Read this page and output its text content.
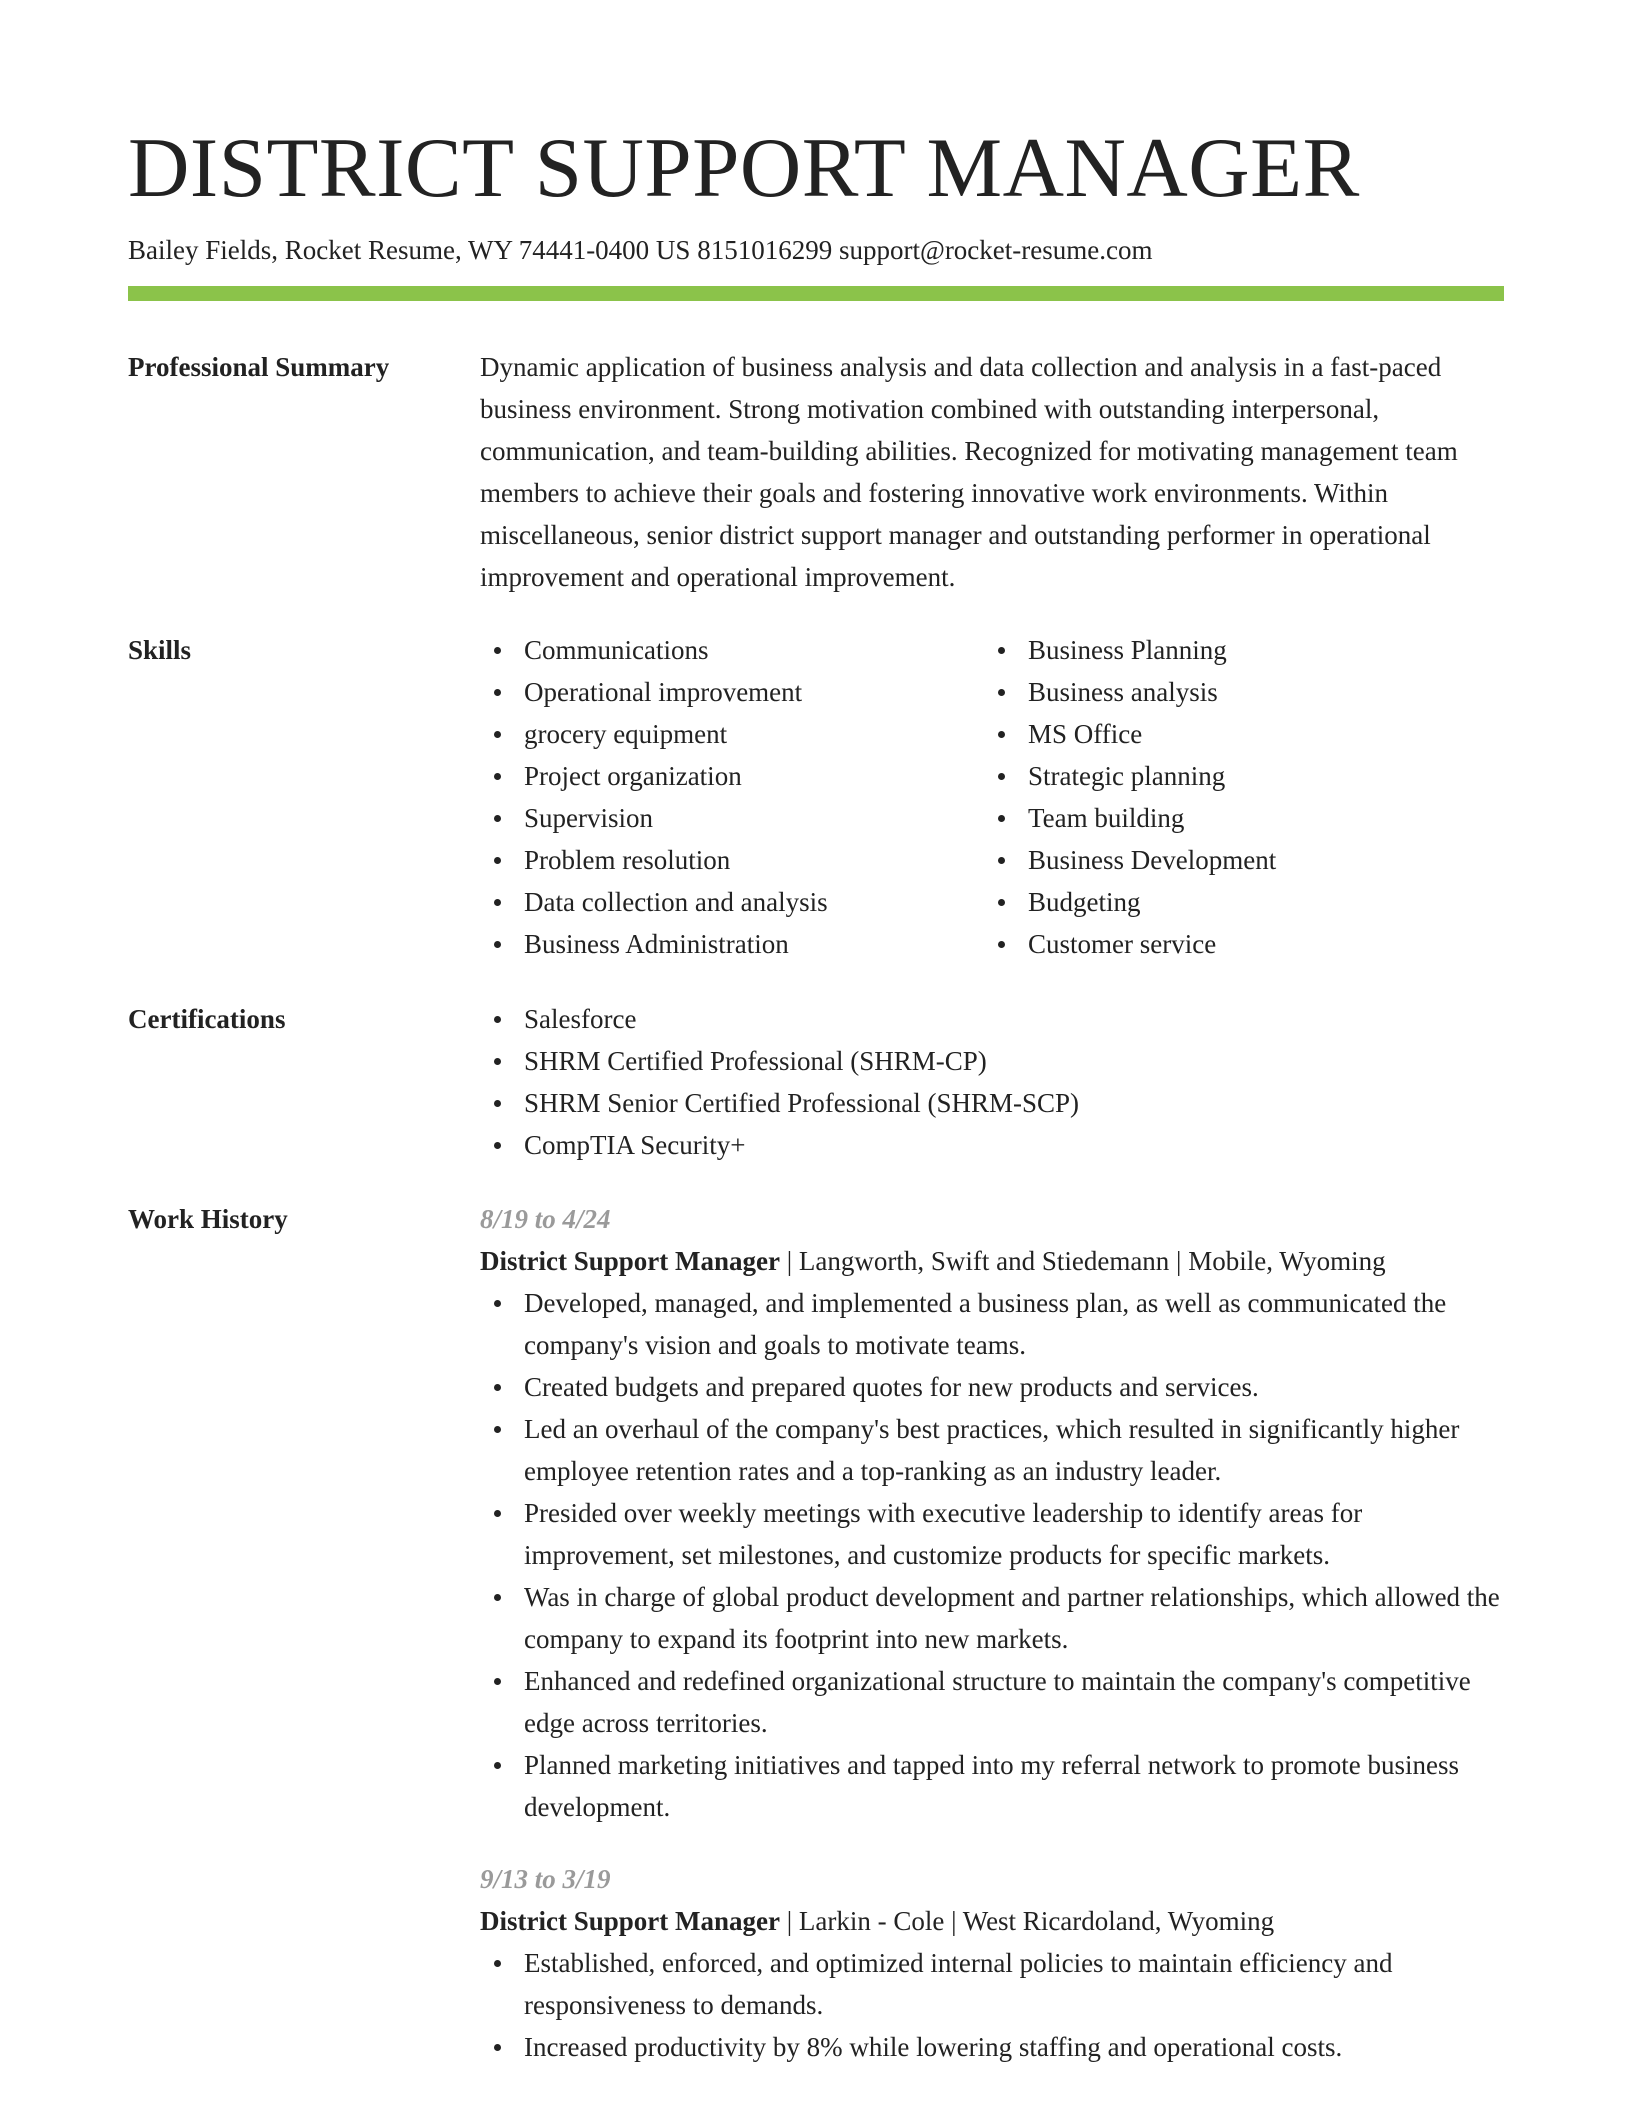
DISTRICT SUPPORT MANAGER
Bailey Fields, Rocket Resume, WY 74441-0400 US 8151016299 support@rocket-resume.com
Professional Summary	Dynamic application of business analysis and data collection and analysis in a fast-paced business environment. Strong motivation combined with outstanding interpersonal, communication, and team-building abilities. Recognized for motivating management team members to achieve their goals and fostering innovative work environments. Within miscellaneous, senior district support manager and outstanding performer in operational improvement and operational improvement.

Skills	Communications
Operational improvement
grocery equipment
Project organization
Supervision
Problem resolution
Data collection and analysis
Business Administration
Business Planning
Business analysis
MS Office
Strategic planning
Team building
Business Development
Budgeting
Customer service
Certifications	Salesforce
SHRM Certified Professional (SHRM-CP)
SHRM Senior Certified Professional (SHRM-SCP)
CompTIA Security+
Work History	8/19 to 4/24
District Support Manager | Langworth, Swift and Stiedemann | Mobile, Wyoming
Developed, managed, and implemented a business plan, as well as communicated the company's vision and goals to motivate teams.
Created budgets and prepared quotes for new products and services.
Led an overhaul of the company's best practices, which resulted in significantly higher employee retention rates and a top-ranking as an industry leader.
Presided over weekly meetings with executive leadership to identify areas for improvement, set milestones, and customize products for specific markets.
Was in charge of global product development and partner relationships, which allowed the company to expand its footprint into new markets.
Enhanced and redefined organizational structure to maintain the company's competitive edge across territories.
Planned marketing initiatives and tapped into my referral network to promote business development.
9/13 to 3/19
District Support Manager | Larkin - Cole | West Ricardoland, Wyoming
Established, enforced, and optimized internal policies to maintain efficiency and responsiveness to demands.
Increased productivity by 8% while lowering staffing and operational costs.
